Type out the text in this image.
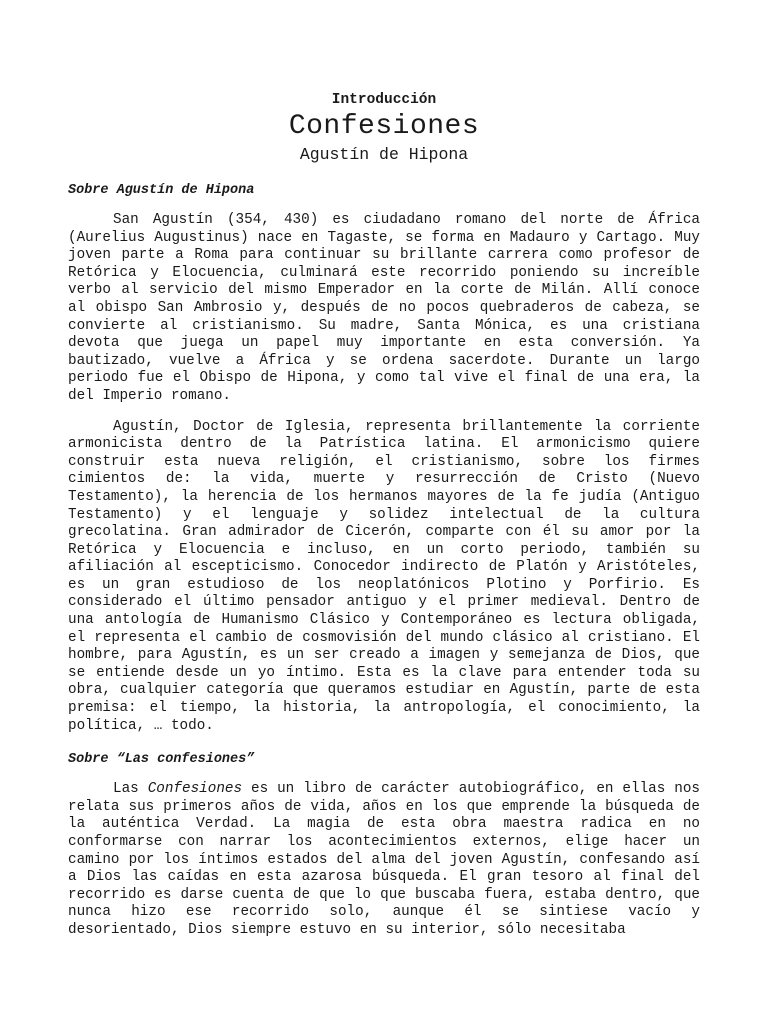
Introducción

Confesiones
Agustín de Hipona
Sobre Agustín de Hipona

San Agustín (354, 430) es ciudadano romano del norte de África (Aurelius Augustinus) nace en Tagaste, se forma en Madauro y Cartago. Muy joven parte a Roma para continuar su brillante carrera como profesor de Retórica y Elocuencia, culminará este recorrido poniendo su increíble verbo al servicio del mismo Emperador en la corte de Milán. Allí conoce al obispo San Ambrosio y, después de no pocos quebraderos de cabeza, se convierte al cristianismo. Su madre, Santa Mónica, es una cristiana devota que juega un papel muy importante en esta conversión. Ya bautizado, vuelve a África y se ordena sacerdote. Durante un largo periodo fue el Obispo de Hipona, y como tal vive el final de una era, la del Imperio romano.

Agustín, Doctor de Iglesia, representa brillantemente la corriente armonicista dentro de la Patrística latina. El armonicismo quiere construir esta nueva religión, el cristianismo, sobre los firmes cimientos de: la vida, muerte y resurrección de Cristo (Nuevo Testamento), la herencia de los hermanos mayores de la fe judía (Antiguo Testamento) y el lenguaje y solidez intelectual de la cultura grecolatina. Gran admirador de Cicerón, comparte con él su amor por la Retórica y Elocuencia e incluso, en un corto periodo, también su afiliación al escepticismo. Conocedor indirecto de Platón y Aristóteles, es un gran estudioso de los neoplatónicos Plotino y Porfirio. Es considerado el último pensador antiguo y el primer medieval. Dentro de una antología de Humanismo Clásico y Contemporáneo es lectura obligada, el representa el cambio de cosmovisión del mundo clásico al cristiano. El hombre, para Agustín, es un ser creado a imagen y semejanza de Dios, que se entiende desde un yo íntimo. Esta es la clave para entender toda su obra, cualquier categoría que queramos estudiar en Agustín, parte de esta premisa: el tiempo, la historia, la antropología, el conocimiento, la política, … todo.

Sobre “Las confesiones”

Las Confesiones es un libro de carácter autobiográfico, en ellas nos relata sus primeros años de vida, años en los que emprende la búsqueda de la auténtica Verdad. La magia de esta obra maestra radica en no conformarse con narrar los acontecimientos externos, elige hacer un camino por los íntimos estados del alma del joven Agustín, confesando así a Dios las caídas en esta azarosa búsqueda. El gran tesoro al final del recorrido es darse cuenta de que lo que buscaba fuera, estaba dentro, que nunca hizo ese recorrido solo, aunque él se sintiese vacío y desorientado, Dios siempre estuvo en su interior, sólo necesitaba
